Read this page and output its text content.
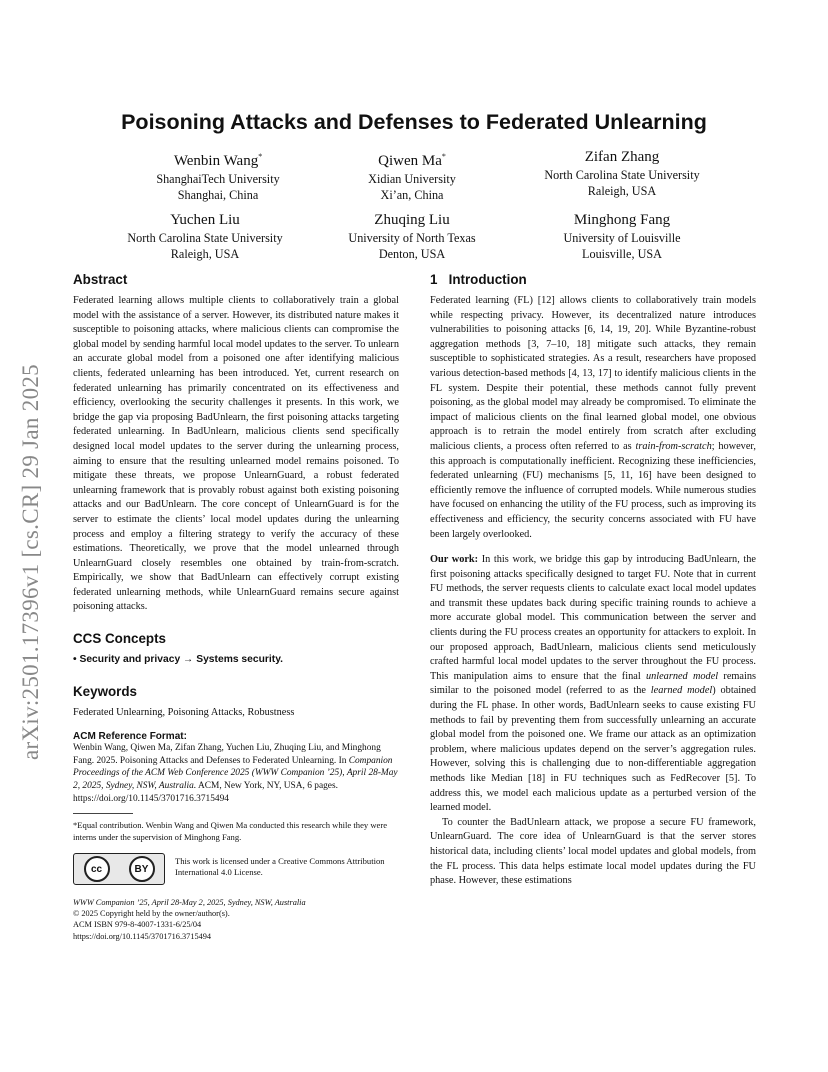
arXiv:2501.17396v1 [cs.CR] 29 Jan 2025
Poisoning Attacks and Defenses to Federated Unlearning
Wenbin Wang*
ShanghaiTech University
Shanghai, China
Qiwen Ma*
Xidian University
Xi’an, China
Zifan Zhang
North Carolina State University
Raleigh, USA
Yuchen Liu
North Carolina State University
Raleigh, USA
Zhuqing Liu
University of North Texas
Denton, USA
Minghong Fang
University of Louisville
Louisville, USA
Abstract

Federated learning allows multiple clients to collaboratively train a global model with the assistance of a server. However, its distributed nature makes it susceptible to poisoning attacks, where malicious clients can compromise the global model by sending harmful local model updates to the server. To unlearn an accurate global model from a poisoned one after identifying malicious clients, federated unlearning has been introduced. Yet, current research on federated unlearning has primarily concentrated on its effectiveness and efficiency, overlooking the security challenges it presents. In this work, we bridge the gap via proposing BadUnlearn, the first poisoning attacks targeting federated unlearning. In BadUnlearn, malicious clients send specifically designed local model updates to the server during the unlearning process, aiming to ensure that the resulting unlearned model remains poisoned. To mitigate these threats, we propose UnlearnGuard, a robust federated unlearning framework that is provably robust against both existing poisoning attacks and our BadUnlearn. The core concept of UnlearnGuard is for the server to estimate the clients’ local model updates during the unlearning process and employ a filtering strategy to verify the accuracy of these estimations. Theoretically, we prove that the model unlearned through UnlearnGuard closely resembles one obtained by train-from-scratch. Empirically, we show that BadUnlearn can effectively corrupt existing federated unlearning methods, while UnlearnGuard remains secure against poisoning attacks.

CCS Concepts
• Security and privacy → Systems security.
Keywords

Federated Unlearning, Poisoning Attacks, Robustness

ACM Reference Format:
Wenbin Wang, Qiwen Ma, Zifan Zhang, Yuchen Liu, Zhuqing Liu, and Minghong Fang. 2025. Poisoning Attacks and Defenses to Federated Unlearning. In Companion Proceedings of the ACM Web Conference 2025 (WWW Companion ’25), April 28-May 2, 2025, Sydney, NSW, Australia. ACM, New York, NY, USA, 6 pages. https://doi.org/10.1145/3701716.3715494
*Equal contribution. Wenbin Wang and Qiwen Ma conducted this research while they were interns under the supervision of Minghong Fang.
cc	BY
This work is licensed under a Creative Commons Attribution International 4.0 License.
WWW Companion ’25, April 28-May 2, 2025, Sydney, NSW, Australia
© 2025 Copyright held by the owner/author(s).
ACM ISBN 979-8-4007-1331-6/25/04
https://doi.org/10.1145/3701716.3715494
1   Introduction

Federated learning (FL) [12] allows clients to collaboratively train models while respecting privacy. However, its decentralized nature introduces vulnerabilities to poisoning attacks [6, 14, 19, 20]. While Byzantine-robust aggregation methods [3, 7–10, 18] mitigate such attacks, they remain susceptible to sophisticated strategies. As a result, researchers have proposed various detection-based methods [4, 13, 17] to identify malicious clients in the FL system. Despite their potential, these methods cannot fully prevent poisoning, as the global model may already be compromised. To eliminate the impact of malicious clients on the final learned global model, one obvious approach is to retrain the model entirely from scratch after excluding malicious clients, a process often referred to as train-from-scratch; however, this approach is computationally inefficient. Recognizing these inefficiencies, federated unlearning (FU) mechanisms [5, 11, 16] have been designed to efficiently remove the influence of corrupted models. While numerous studies have focused on enhancing the utility of the FU process, such as improving its effectiveness and efficiency, the security concerns associated with FU have been largely overlooked.

Our work: In this work, we bridge this gap by introducing BadUnlearn, the first poisoning attacks specifically designed to target FU. Note that in current FU methods, the server requests clients to calculate exact local model updates and transmit these updates back during specific training rounds to achieve a more accurate global model. This communication between the server and clients during the FU process creates an opportunity for attackers to exploit. In our proposed approach, BadUnlearn, malicious clients send meticulously crafted harmful local model updates to the server throughout the FU process. This manipulation aims to ensure that the final unlearned model remains similar to the poisoned model (referred to as the learned model) obtained during the FL phase. In other words, BadUnlearn seeks to cause existing FU methods to fail by preventing them from successfully unlearning an accurate global model from the poisoned one. We frame our attack as an optimization problem, where malicious updates depend on the server’s aggregation rules. However, solving this is challenging due to non-differentiable aggregation methods like Median [18] in FU techniques such as FedRecover [5]. To address this, we model each malicious update as a perturbed version of the learned model.

To counter the BadUnlearn attack, we propose a secure FU framework, UnlearnGuard. The core idea of UnlearnGuard is that the server stores historical data, including clients’ local model updates and global models, from the FL process. This data helps estimate local model updates during the FU phase. However, these estimations
